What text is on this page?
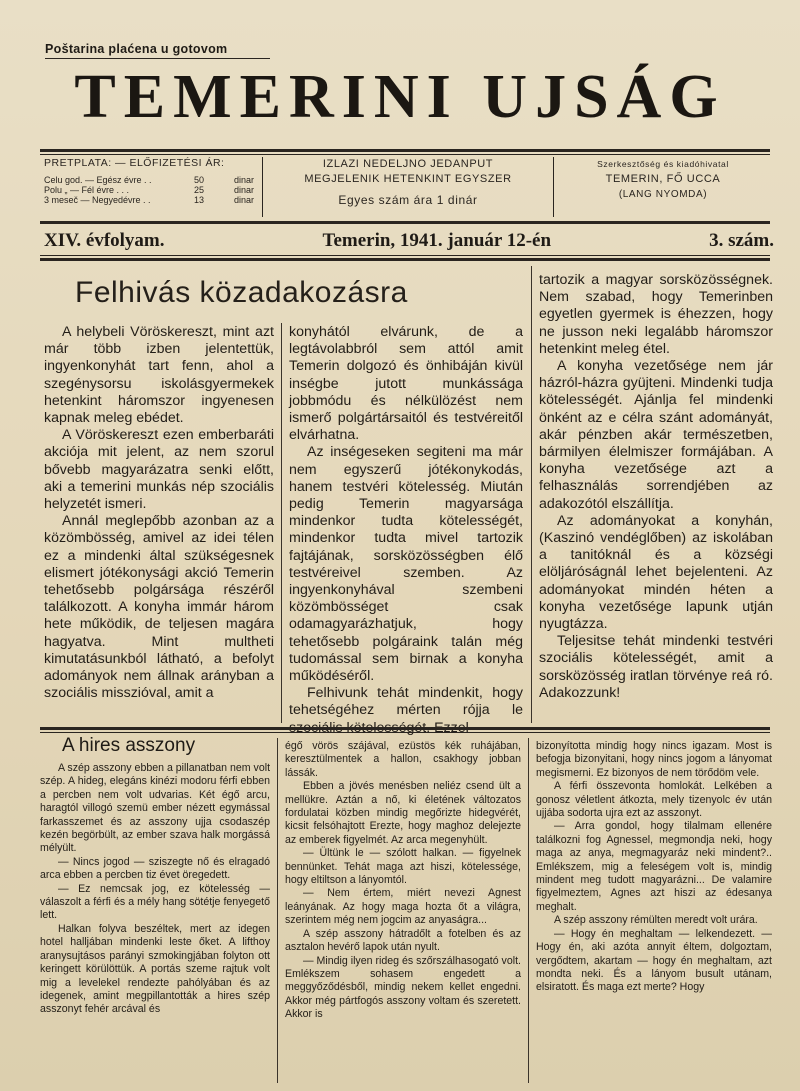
Poštarina plaćena u gotovom
TEMERINI UJSÁG
PRETPLATA: — ELŐFIZETÉSI ÁR:
Celu god. — Egész évre . .	50	dinar
Polu „ — Fél évre . . .	25	dinar
3 meseč — Negyedévre . .	13	dinar
IZLAZI NEDELJNO JEDANPUT
MEGJELENIK HETENKINT EGYSZER
Egyes szám ára 1 dinár
Szerkesztőség és kiadóhivatal
TEMERIN, FŐ UCCA
(LANG NYOMDA)
XIV. évfolyam.	Temerin, 1941. január 12-én	3. szám.
Felhivás közadakozásra

A helybeli Vöröskereszt, mint azt már több izben jelentettük, ingyenkonyhát tart fenn, ahol a szegénysorsu iskolásgyermekek hetenkint háromszor ingyenesen kapnak meleg ebédet.

A Vöröskereszt ezen emberbaráti akciója mit jelent, az nem szorul bővebb magyarázatra senki előtt, aki a temerini munkás nép szociális helyzetét ismeri.

Annál meglepőbb azonban az a közömbösség, amivel az idei télen ez a mindenki által szükségesnek elismert jótékonysági akció Temerin tehetősebb polgársága részéről találkozott. A konyha immár három hete működik, de teljesen magára hagyatva. Mint multheti kimutatásunkból látható, a befolyt adományok nem állnak arányban a szociális misszióval, amit a

konyhától elvárunk, de a legtávolabbról sem attól amit Temerin dolgozó és önhibáján kivül inségbe jutott munkássága jobbmódu és nélkülözést nem ismerő polgártársaitól és testvéreitől elvárhatna.

Az inségeseken segiteni ma már nem egyszerű jótékonykodás, hanem testvéri kötelesség. Miután pedig Temerin magyarsága mindenkor tudta kötelességét, mindenkor tudta mivel tartozik fajtájának, sorsközösségben élő testvéreivel szemben. Az ingyenkonyhával szembeni közömbösséget csak odamagyarázhatjuk, hogy tehetősebb polgáraink talán még tudomással sem birnak a konyha működéséről.

Felhivunk tehát mindenkit, hogy tehetségéhez mérten rójja le szociális kötelességét. Ezzel

tartozik a magyar sorsközösségnek. Nem szabad, hogy Temerinben egyetlen gyermek is éhezzen, hogy ne jusson neki legalább háromszor hetenkint meleg étel.

A konyha vezetősége nem jár házról-házra gyüjteni. Mindenki tudja kötelességét. Ajánlja fel mindenki önként az e célra szánt adományát, akár pénzben akár természetben, bármilyen élelmiszer formájában. A konyha vezetősége azt a felhasználás sorrendjében az adakozótól elszállítja.

Az adományokat a konyhán, (Kaszinó vendéglőben) az iskolában a tanitóknál és a községi elöljáróságnál lehet bejelenteni. Az adományokat mindén héten a konyha vezetősége lapunk utján nyugtázza.

Teljesitse tehát mindenki testvéri szociális kötelességét, amit a sorsközösség iratlan törvénye reá ró. Adakozzunk!

A hires asszony

A szép asszony ebben a pillanatban nem volt szép. A hideg, elegáns kinézi modoru férfi ebben a percben nem volt udvarias. Két égő arcu, haragtól villogó szemü ember nézett egymással farkasszemet és az asszony ujja csodaszép kezén begörbült, az ember szava halk morgássá mélyült.

— Nincs jogod — sziszegte nő és elragadó arca ebben a percben tiz évet öregedett.

— Ez nemcsak jog, ez kötelesség — válaszolt a férfi és a mély hang sötétje fenyegető lett.

Halkan folyva beszéltek, mert az idegen hotel halljában mindenki leste őket. A lifthoy aranysujtásos parányi szmokingjában folyton ott keringett körülöttük. A portás szeme rajtuk volt mig a levelekel rendezte pahólyában és az idegenek, amint megpillantották a hires szép asszonyt fehér arcával és

égő vörös szájával, ezüstös kék ruhájában, keresztülmentek a hallon, csakhogy jobban lássák.

Ebben a jövés menésben neliéz csend ült a mellükre. Aztán a nő, ki életének változatos fordulatai közben mindig megőrizte hidegvérét, kicsit felsóhajtott Erezte, hogy maghoz delejezte az emberek figyelmét. Az arca megenyhült.

— Ültünk le — szólott halkan. — figyelnek bennünket. Tehát maga azt hiszi, kötelessége, hogy eltiltson a lányomtól.

— Nem értem, miért nevezi Agnest leányának. Az hogy maga hozta őt a világra, szerintem még nem jogcim az anyaságra...

A szép asszony hátradőlt a fotelben és az asztalon hevérő lapok után nyult.

— Mindig ilyen rideg és szőrszálhasogató volt. Emlékszem sohasem engedett a meggyőződésből, mindig nekem kellet engedni. Akkor még pártfogós asszony voltam és szeretett. Akkor is

bizonyította mindig hogy nincs igazam. Most is befogja bizonyitani, hogy nincs jogom a lányomat megismerni. Ez bizonyos de nem törődöm vele.

A férfi összevonta homlokát. Lelkében a gonosz véletlent átkozta, mely tizenyolc év után ujjába sodorta ujra ezt az asszonyt.

— Arra gondol, hogy tilalmam ellenére találkozni fog Agnessel, megmondja neki, hogy maga az anya, megmagyaráz neki mindent?.. Emlékszem, mig a feleségem volt is, mindig mindent meg tudott magyarázni... De valamire figyelmeztem, Agnes azt hiszi az édesanya meghalt.

A szép asszony rémülten meredt volt urára.

— Hogy én meghaltam — lelkendezett. — Hogy én, aki azóta annyit éltem, dolgoztam, vergődtem, akartam — hogy én meghaltam, azt mondta neki. És a lányom busult utánam, elsiratott. És maga ezt merte? Hogy
